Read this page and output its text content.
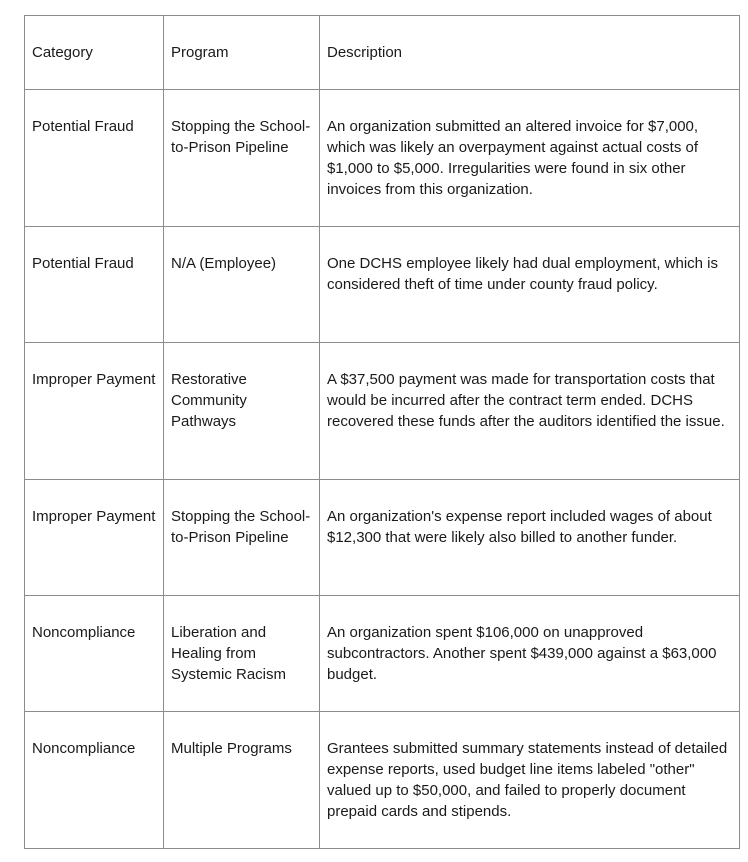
Category	Program	Description
Potential Fraud	Stopping the School-to-Prison Pipeline	An organization submitted an altered invoice for $7,000, which was likely an overpayment against actual costs of $1,000 to $5,000. Irregularities were found in six other invoices from this organization.
Potential Fraud	N/A (Employee)	One DCHS employee likely had dual employment, which is considered theft of time under county fraud policy.
Improper Payment	Restorative Community Pathways	A $37,500 payment was made for transportation costs that would be incurred after the contract term ended. DCHS recovered these funds after the auditors identified the issue.
Improper Payment	Stopping the School-to-Prison Pipeline	An organization's expense report included wages of about $12,300 that were likely also billed to another funder.
Noncompliance	Liberation and Healing from Systemic Racism	An organization spent $106,000 on unapproved subcontractors. Another spent $439,000 against a $63,000 budget.
Noncompliance	Multiple Programs	Grantees submitted summary statements instead of detailed expense reports, used budget line items labeled "other" valued up to $50,000, and failed to properly document prepaid cards and stipends.
